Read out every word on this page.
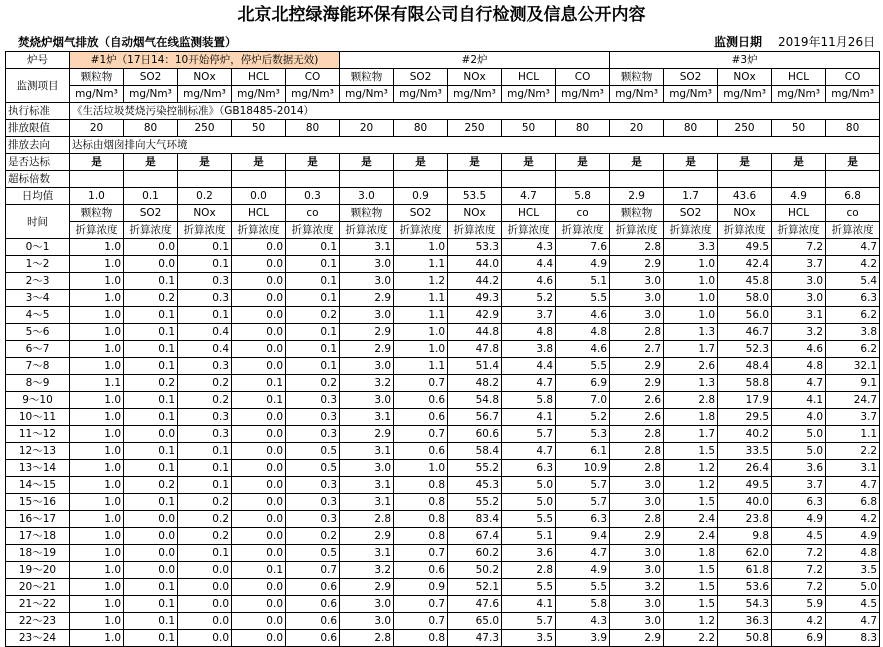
北京北控绿海能环保有限公司自行检测及信息公开内容
焚烧炉烟气排放（自动烟气在线监测装置）	监测日期 2019年11月26日
炉号	#1炉（17日14：10开始停炉，停炉后数据无效)					#2炉					#3炉				
监测项目	颗粒物	SO2	NOx	HCL	CO	颗粒物	SO2	NOx	HCL	CO	颗粒物	SO2	NOx	HCL	CO
	mg/Nm³	mg/Nm³	mg/Nm³	mg/Nm³	mg/Nm³	mg/Nm³	mg/Nm³	mg/Nm³	mg/Nm³	mg/Nm³	mg/Nm³	mg/Nm³	mg/Nm³	mg/Nm³	mg/Nm³
执行标准	《生活垃圾焚烧污染控制标准》（GB18485-2014）														
排放限值	20	80	250	50	80	20	80	250	50	80	20	80	250	50	80
排放去向	达标由烟囱排向大气环境														
是否达标	是	是	是	是	是	是	是	是	是	是	是	是	是	是	是
超标倍数															
日均值	1.0	0.1	0.2	0.0	0.3	3.0	0.9	53.5	4.7	5.8	2.9	1.7	43.6	4.9	6.8
时间	颗粒物	SO2	NOx	HCL	co	颗粒物	SO2	NOx	HCL	co	颗粒物	SO2	NOx	HCL	co
	折算浓度	折算浓度	折算浓度	折算浓度	折算浓度	折算浓度	折算浓度	折算浓度	折算浓度	折算浓度	折算浓度	折算浓度	折算浓度	折算浓度	折算浓度
0～1	1.0	0.0	0.1	0.0	0.1	3.1	1.0	53.3	4.3	7.6	2.8	3.3	49.5	7.2	4.7
1～2	1.0	0.0	0.1	0.0	0.1	3.0	1.1	44.0	4.4	4.9	2.9	1.0	42.4	3.7	4.2
2～3	1.0	0.1	0.3	0.0	0.1	3.0	1.2	44.2	4.6	5.1	3.0	1.0	45.8	3.0	5.4
3～4	1.0	0.2	0.3	0.0	0.1	2.9	1.1	49.3	5.2	5.5	3.0	1.0	58.0	3.0	6.3
4～5	1.0	0.1	0.1	0.0	0.2	3.0	1.1	42.9	3.7	4.6	3.0	1.0	56.0	3.1	6.2
5～6	1.0	0.1	0.4	0.0	0.1	2.9	1.0	44.8	4.8	4.8	2.8	1.3	46.7	3.2	3.8
6～7	1.0	0.1	0.4	0.0	0.1	2.9	1.0	47.8	3.8	4.6	2.7	1.7	52.3	4.6	6.2
7～8	1.0	0.1	0.3	0.0	0.1	3.0	1.1	51.4	4.4	5.5	2.9	2.6	48.4	4.8	32.1
8～9	1.1	0.2	0.2	0.1	0.2	3.2	0.7	48.2	4.7	6.9	2.9	1.3	58.8	4.7	9.1
9～10	1.0	0.1	0.2	0.1	0.3	3.0	0.6	54.8	5.8	7.0	2.6	2.8	17.9	4.1	24.7
10～11	1.0	0.1	0.3	0.0	0.3	3.1	0.6	56.7	4.1	5.2	2.6	1.8	29.5	4.0	3.7
11～12	1.0	0.0	0.3	0.0	0.3	2.9	0.7	60.6	5.7	5.3	2.8	1.7	40.2	5.0	1.1
12～13	1.0	0.1	0.1	0.0	0.5	3.1	0.6	58.4	4.7	6.1	2.8	1.5	33.5	5.0	2.2
13～14	1.0	0.1	0.1	0.0	0.5	3.0	1.0	55.2	6.3	10.9	2.8	1.2	26.4	3.6	3.1
14～15	1.0	0.2	0.1	0.0	0.3	3.1	0.8	45.3	5.0	5.7	3.0	1.2	49.5	3.7	4.7
15～16	1.0	0.1	0.2	0.0	0.3	3.1	0.8	55.2	5.0	5.7	3.0	1.5	40.0	6.3	6.8
16～17	1.0	0.0	0.2	0.0	0.3	2.8	0.8	83.4	5.5	6.3	2.8	2.4	23.8	4.9	4.2
17～18	1.0	0.0	0.2	0.0	0.2	2.9	0.8	67.4	5.1	9.4	2.9	2.4	9.8	4.5	4.9
18～19	1.0	0.0	0.1	0.0	0.5	3.1	0.7	60.2	3.6	4.7	3.0	1.8	62.0	7.2	4.8
19～20	1.0	0.0	0.0	0.1	0.7	3.2	0.6	50.2	2.8	4.9	3.0	1.5	61.8	7.2	3.5
20～21	1.0	0.1	0.0	0.0	0.6	2.9	0.9	52.1	5.5	5.5	3.2	1.5	53.6	7.2	5.0
21～22	1.0	0.1	0.0	0.0	0.6	3.0	0.7	47.6	4.1	5.8	3.0	1.5	54.3	5.9	4.5
22～23	1.0	0.1	0.0	0.0	0.6	3.0	0.7	65.0	5.7	4.3	3.0	1.2	36.3	4.2	4.7
23～24	1.0	0.1	0.0	0.0	0.6	2.8	0.8	47.3	3.5	3.9	2.9	2.2	50.8	6.9	8.3
